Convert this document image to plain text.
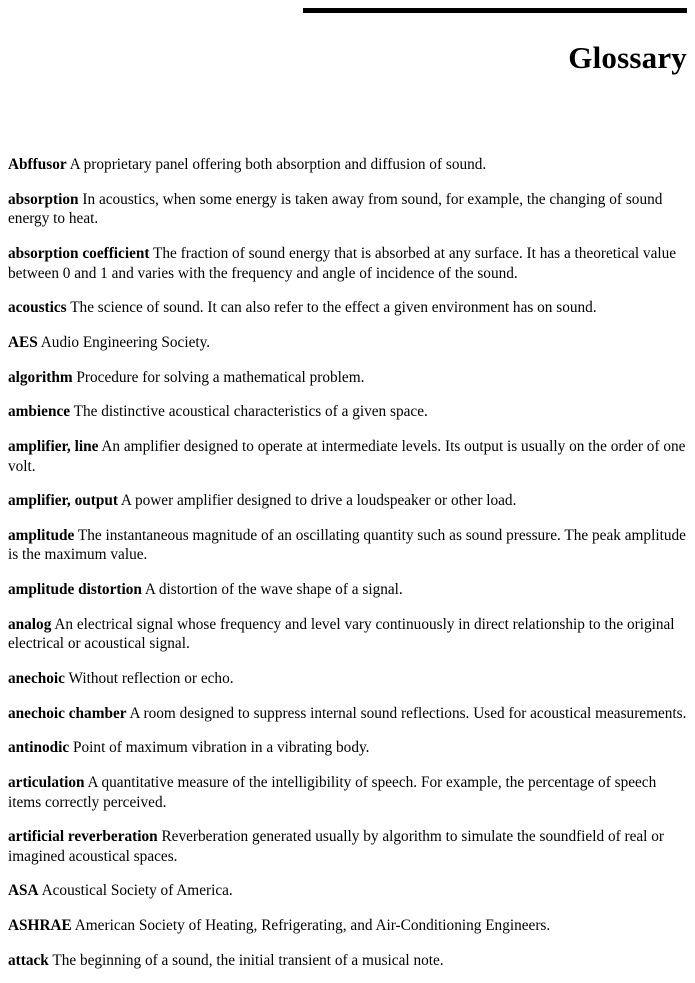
Glossary

Abffusor A proprietary panel offering both absorption and diffusion of sound.

absorption In acoustics, when some energy is taken away from sound, for example, the changing of sound energy to heat.

absorption coefficient The fraction of sound energy that is absorbed at any surface. It has a theoretical value between 0 and 1 and varies with the frequency and angle of incidence of the sound.

acoustics The science of sound. It can also refer to the effect a given environment has on sound.

AES Audio Engineering Society.

algorithm Procedure for solving a mathematical problem.

ambience The distinctive acoustical characteristics of a given space.

amplifier, line An amplifier designed to operate at intermediate levels. Its output is usually on the order of one volt.

amplifier, output A power amplifier designed to drive a loudspeaker or other load.

amplitude The instantaneous magnitude of an oscillating quantity such as sound pressure. The peak amplitude is the maximum value.

amplitude distortion A distortion of the wave shape of a signal.

analog An electrical signal whose frequency and level vary continuously in direct relationship to the original electrical or acoustical signal.

anechoic Without reflection or echo.

anechoic chamber A room designed to suppress internal sound reflections. Used for acoustical measurements.

antinodic Point of maximum vibration in a vibrating body.

articulation A quantitative measure of the intelligibility of speech. For example, the percentage of speech items correctly perceived.

artificial reverberation Reverberation generated usually by algorithm to simulate the soundfield of real or imagined acoustical spaces.

ASA Acoustical Society of America.

ASHRAE American Society of Heating, Refrigerating, and Air-Conditioning Engineers.

attack The beginning of a sound, the initial transient of a musical note.
